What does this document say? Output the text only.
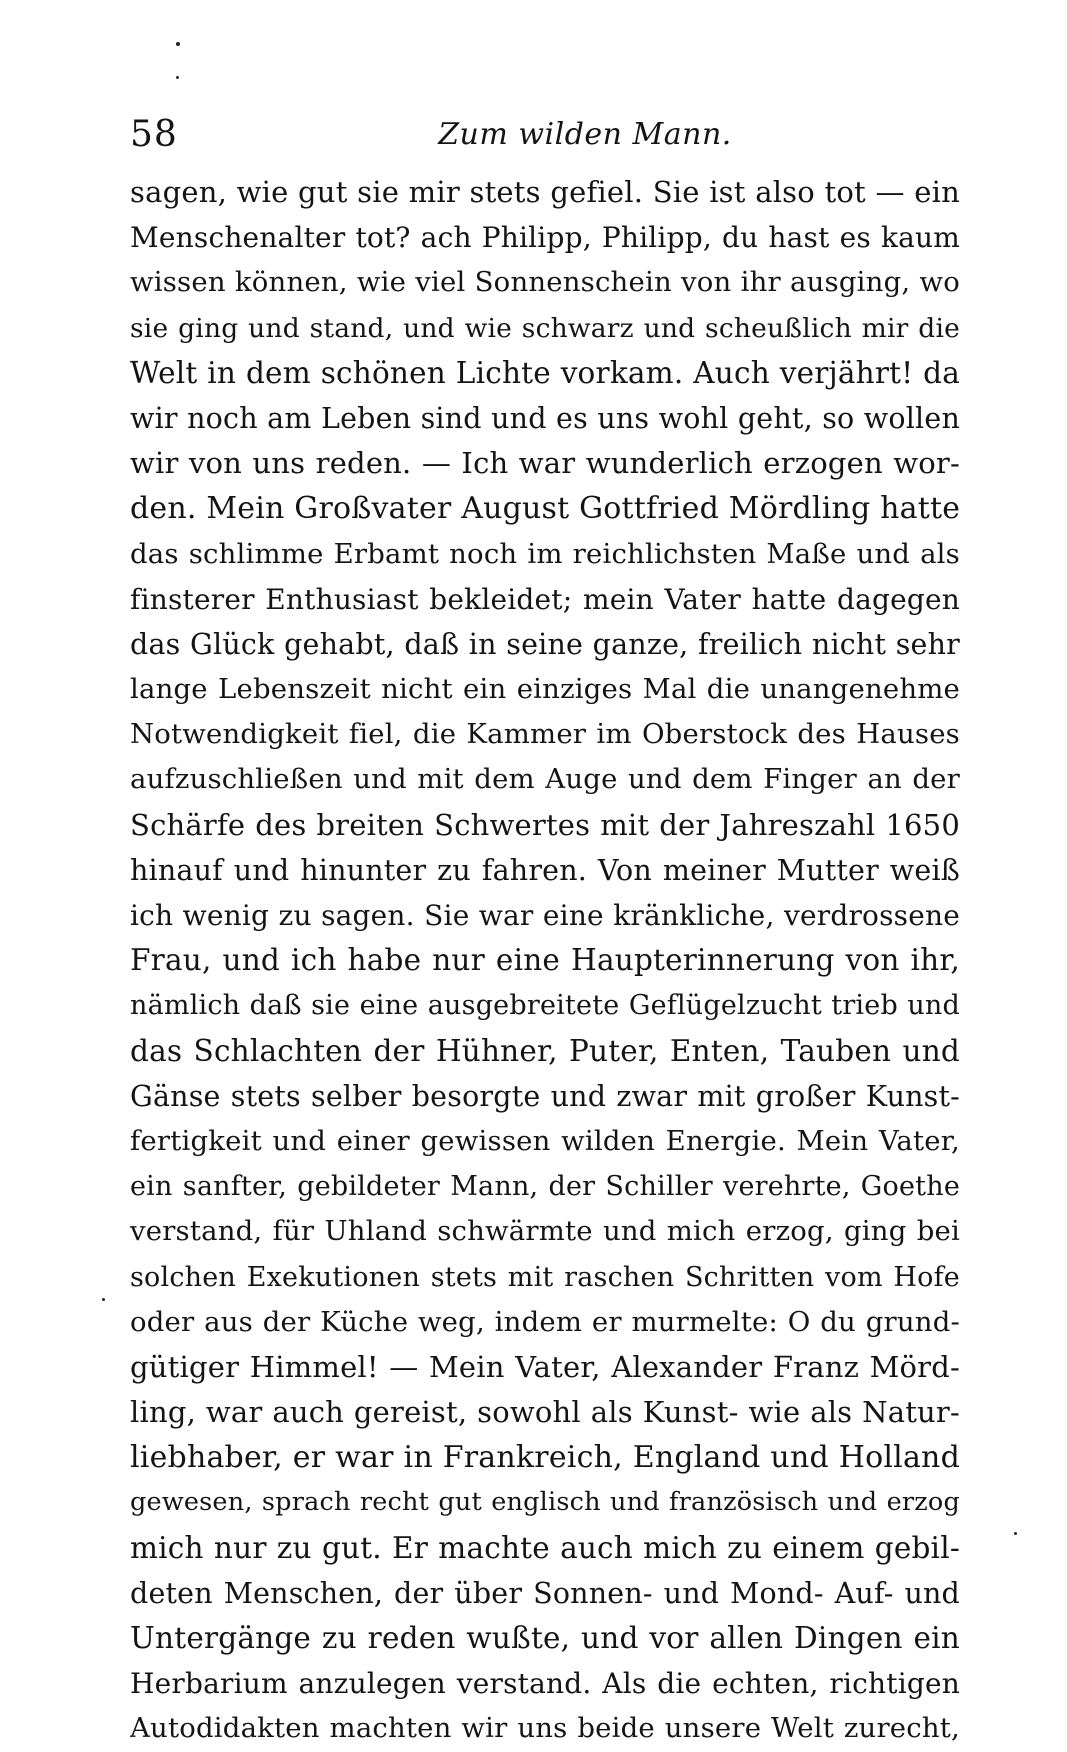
58	Zum wilden Mann.
sagen, wie gut sie mir stets gefiel. Sie ist also tot — ein
Menschenalter tot? ach Philipp, Philipp, du hast es kaum
wissen können, wie viel Sonnenschein von ihr ausging, wo
sie ging und stand, und wie schwarz und scheußlich mir die
Welt in dem schönen Lichte vorkam. Auch verjährt! da
wir noch am Leben sind und es uns wohl geht, so wollen
wir von uns reden. — Ich war wunderlich erzogen wor-
den. Mein Großvater August Gottfried Mördling hatte
das schlimme Erbamt noch im reichlichsten Maße und als
finsterer Enthusiast bekleidet; mein Vater hatte dagegen
das Glück gehabt, daß in seine ganze, freilich nicht sehr
lange Lebenszeit nicht ein einziges Mal die unangenehme
Notwendigkeit fiel, die Kammer im Oberstock des Hauses
aufzuschließen und mit dem Auge und dem Finger an der
Schärfe des breiten Schwertes mit der Jahreszahl 1650
hinauf und hinunter zu fahren. Von meiner Mutter weiß
ich wenig zu sagen. Sie war eine kränkliche, verdrossene
Frau, und ich habe nur eine Haupterinnerung von ihr,
nämlich daß sie eine ausgebreitete Geflügelzucht trieb und
das Schlachten der Hühner, Puter, Enten, Tauben und
Gänse stets selber besorgte und zwar mit großer Kunst-
fertigkeit und einer gewissen wilden Energie. Mein Vater,
ein sanfter, gebildeter Mann, der Schiller verehrte, Goethe
verstand, für Uhland schwärmte und mich erzog, ging bei
solchen Exekutionen stets mit raschen Schritten vom Hofe
oder aus der Küche weg, indem er murmelte: O du grund-
gütiger Himmel! — Mein Vater, Alexander Franz Mörd-
ling, war auch gereist, sowohl als Kunst- wie als Natur-
liebhaber, er war in Frankreich, England und Holland
gewesen, sprach recht gut englisch und französisch und erzog
mich nur zu gut. Er machte auch mich zu einem gebil-
deten Menschen, der über Sonnen- und Mond- Auf- und
Untergänge zu reden wußte, und vor allen Dingen ein
Herbarium anzulegen verstand. Als die echten, richtigen
Autodidakten machten wir uns beide unsere Welt zurecht,
